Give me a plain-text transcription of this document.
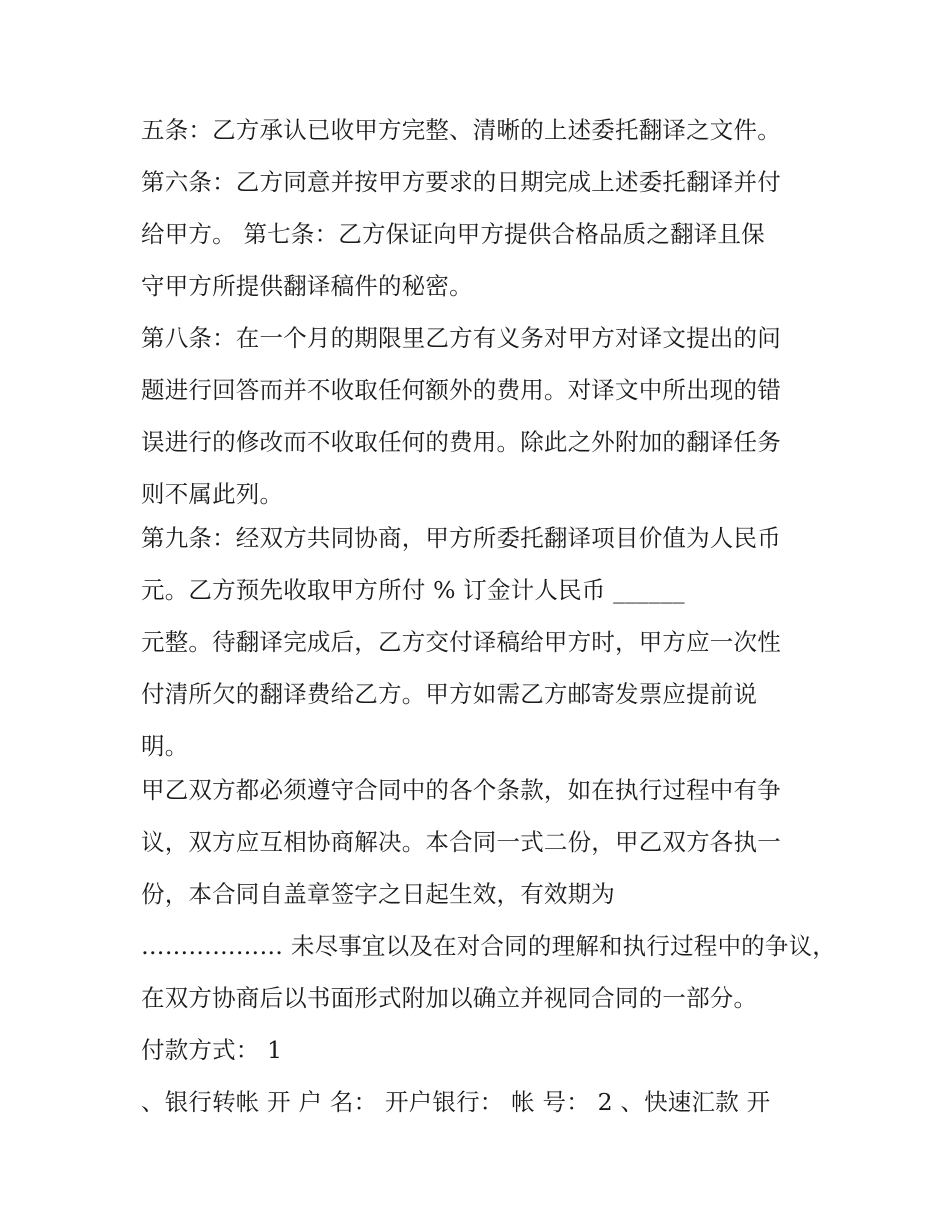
五条：乙方承认已收甲方完整、清晰的上述委托翻译之文件。

第六条：乙方同意并按甲方要求的日期完成上述委托翻译并付

给甲方。 第七条：乙方保证向甲方提供合格品质之翻译且保

守甲方所提供翻译稿件的秘密。

第八条：在一个月的期限里乙方有义务对甲方对译文提出的问

题进行回答而并不收取任何额外的费用。对译文中所出现的错

误进行的修改而不收取任何的费用。除此之外附加的翻译任务

则不属此列。

第九条：经双方共同协商，甲方所委托翻译项目价值为人民币

元。乙方预先收取甲方所付 % 订金计人民币 ______

元整。待翻译完成后，乙方交付译稿给甲方时，甲方应一次性

付清所欠的翻译费给乙方。甲方如需乙方邮寄发票应提前说

明。

甲乙双方都必须遵守合同中的各个条款，如在执行过程中有争

议，双方应互相协商解决。本合同一式二份，甲乙双方各执一

份，本合同自盖章签字之日起生效，有效期为

……………… 未尽事宜以及在对合同的理解和执行过程中的争议，

在双方协商后以书面形式附加以确立并视同合同的一部分。

付款方式： 1

、银行转帐 开 户 名： 开户银行： 帐 号： 2 、快速汇款 开
